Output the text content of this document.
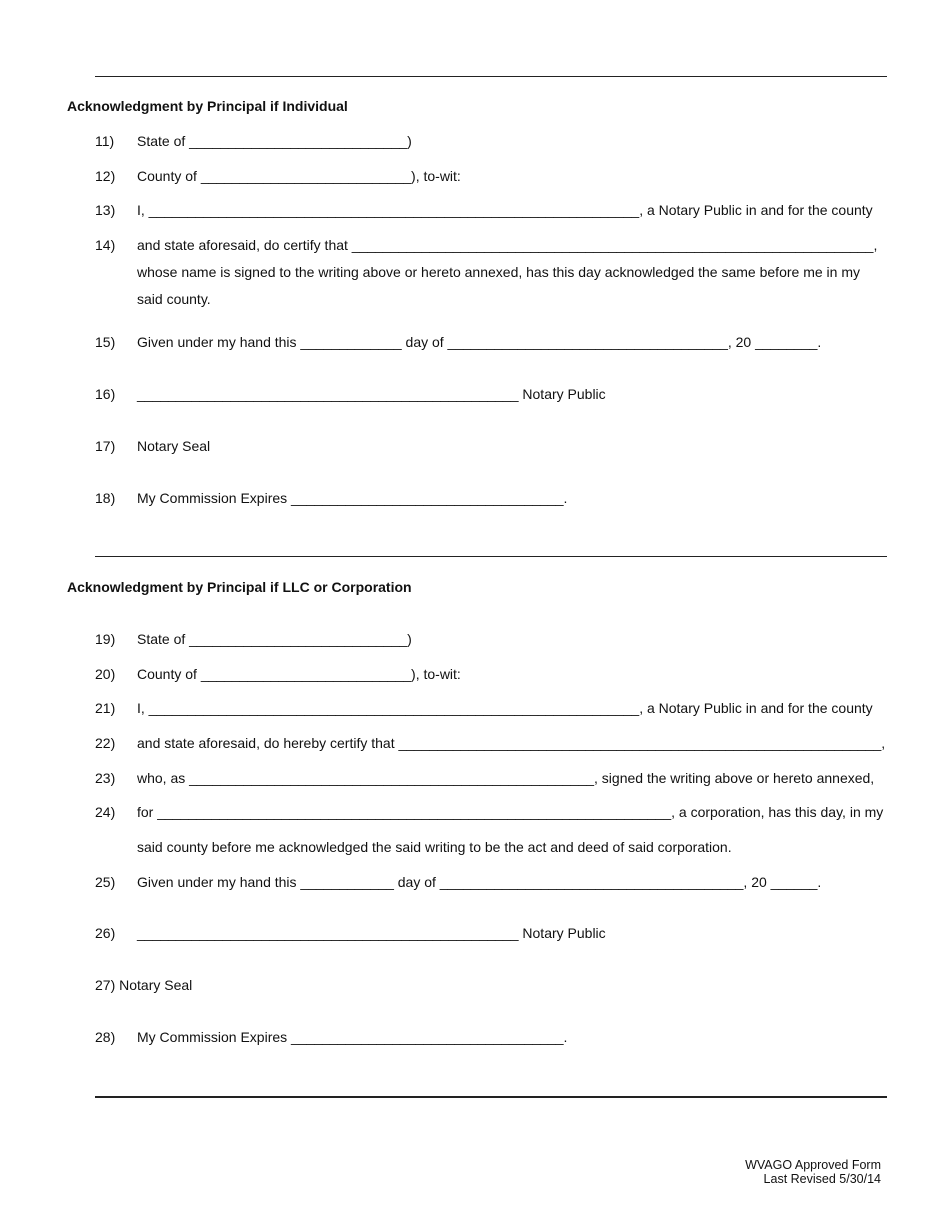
Acknowledgment by Principal if Individual
11) State of ____________________________)
12) County of ___________________________), to-wit:
13) I, _______________________________________________________________, a Notary Public in and for the county
14) and state aforesaid, do certify that ___________________________________________________________________,
whose name is signed to the writing above or hereto annexed, has this day acknowledged the same before me in my
said county.
15) Given under my hand this _____________ day of ____________________________________, 20 ________.
16) _________________________________________________ Notary Public
17) Notary Seal
18) My Commission Expires ___________________________________.
Acknowledgment by Principal if LLC or Corporation
19) State of ____________________________)
20) County of ___________________________), to-wit:
21) I, _______________________________________________________________, a Notary Public in and for the county
22) and state aforesaid, do hereby certify that ______________________________________________________________,
23) who, as ____________________________________________________, signed the writing above or hereto annexed,
24) for __________________________________________________________________, a corporation, has this day, in my
said county before me acknowledged the said writing to be the act and deed of said corporation.
25) Given under my hand this ____________ day of _______________________________________, 20 ______.
26) _________________________________________________ Notary Public
27) Notary Seal
28) My Commission Expires ___________________________________.
WVAGO Approved Form
Last Revised 5/30/14
